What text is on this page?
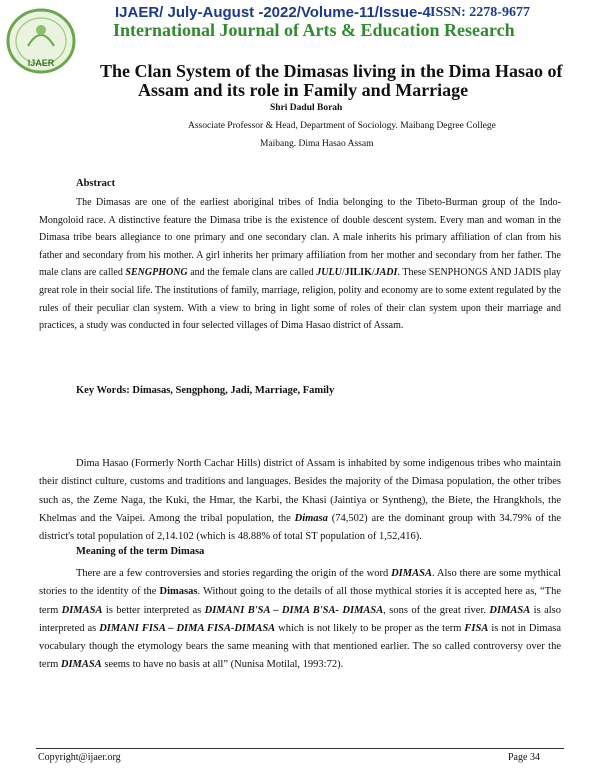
IJAER
IJAER/ July-August -2022/Volume-11/Issue-4 ISSN: 2278-9677
International Journal of Arts & Education Research
The Clan System of the Dimasas living in the Dima Hasao of
Assam and its role in Family and Marriage
Shri Dadul Borah
Associate Professor & Head, Department of Sociology. Maibang Degree College
Maibang. Dima Hasao Assam
Abstract

The Dimasas are one of the earliest aboriginal tribes of India belonging to the Tibeto-Burman group of the Indo-Mongoloid race. A distinctive feature the Dimasa tribe is the existence of double descent system. Every man and woman in the Dimasa tribe bears allegiance to one primary and one secondary clan. A male inherits his primary affiliation of clan from his father and secondary from his mother. A girl inherits her primary affiliation from her mother and secondary from her father. The male clans are called SENGPHONG and the female clans are called JULU/JILIK/JADI. These SENPHONGS AND JADIS play great role in their social life. The institutions of family, marriage, religion, polity and economy are to some extent regulated by the rules of their peculiar clan system. With a view to bring in light some of roles of their clan system upon their marriage and practices, a study was conducted in four selected villages of Dima Hasao district of Assam.

Key Words: Dimasas, Sengphong, Jadi, Marriage, Family

Dima Hasao (Formerly North Cachar Hills) district of Assam is inhabited by some indigenous tribes who maintain their distinct culture, customs and traditions and languages. Besides the majority of the Dimasa population, the other tribes such as, the Zeme Naga, the Kuki, the Hmar, the Karbi, the Khasi (Jaintiya or Syntheng), the Biete, the Hrangkhols, the Khelmas and the Vaipei. Among the tribal population, the Dimasa (74,502) are the dominant group with 34.79% of the district's total population of 2,14.102 (which is 48.88% of total ST population of 1,52,416).

Meaning of the term Dimasa

There are a few controversies and stories regarding the origin of the word DIMASA. Also there are some mythical stories to the identity of the Dimasas. Without going to the details of all those mythical stories it is accepted here as, “The term DIMASA is better interpreted as DIMANI B'SA – DIMA B'SA- DIMASA, sons of the great river. DIMASA is also interpreted as DIMANI FISA – DIMA FISA-DIMASA which is not likely to be proper as the term FISA is not in Dimasa vocabulary though the etymology bears the same meaning with that mentioned earlier. The so called controversy over the term DIMASA seems to have no basis at all” (Nunisa Motilal, 1993:72).

Copyright@ijaer.org	Page 34
